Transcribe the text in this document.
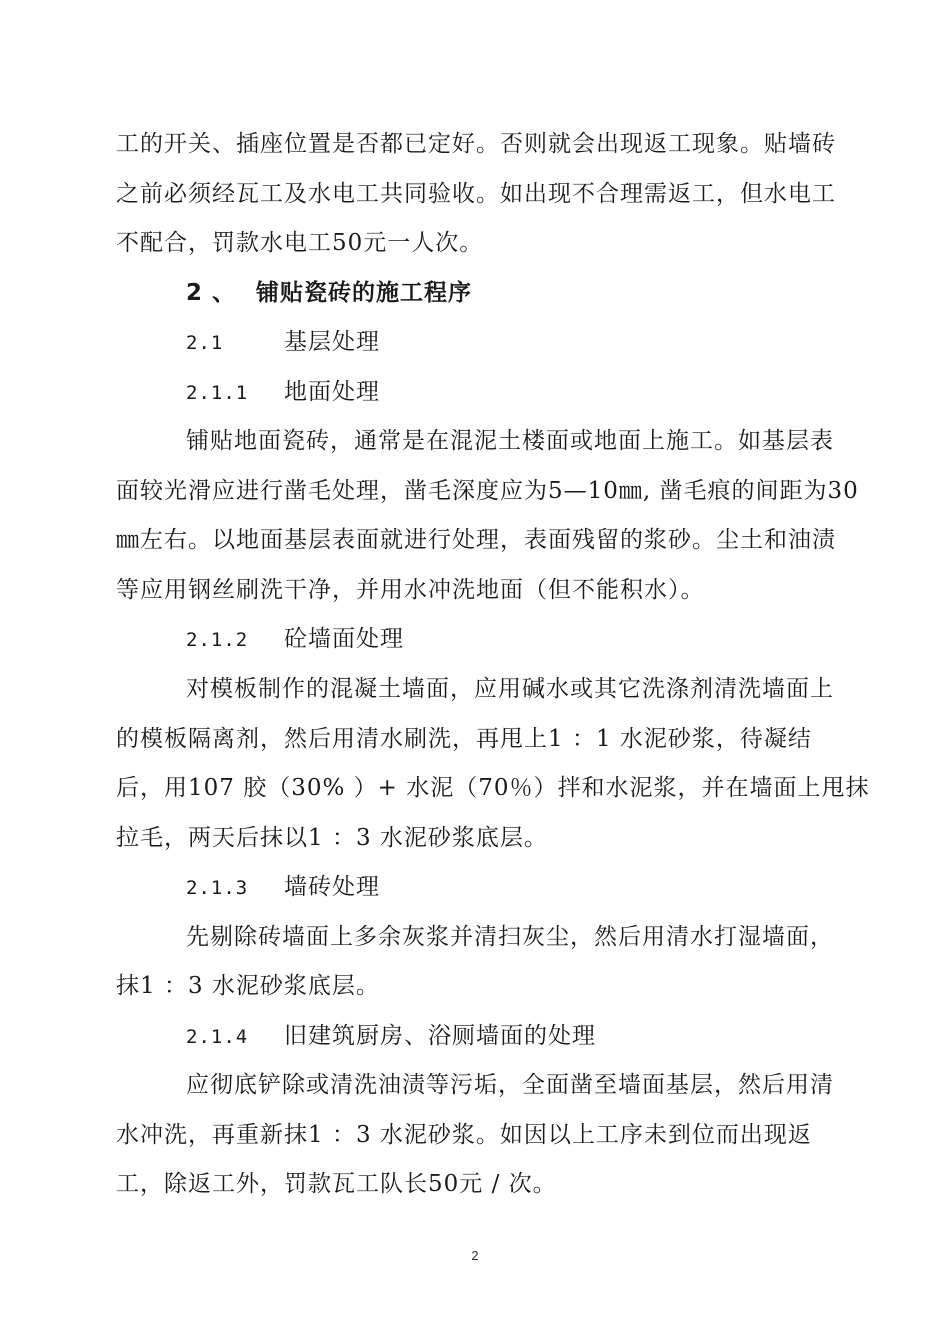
工的开关、插座位置是否都已定好。否则就会出现返工现象。贴墙砖
之前必须经瓦工及水电工共同验收。如出现不合理需返工，但水电工
不配合，罚款水电工50元一人次。
2 、 铺贴瓷砖的施工程序
2.1	基层处理
2.1.1 地面处理
铺贴地面瓷砖，通常是在混泥土楼面或地面上施工。如基层表
面较光滑应进行凿毛处理，凿毛深度应为5—10㎜, 凿毛痕的间距为30
㎜左右。以地面基层表面就进行处理，表面残留的浆砂。尘土和油渍
等应用钢丝刷洗干净，并用水冲洗地面（但不能积水）。
2.1.2 砼墙面处理
对模板制作的混凝土墙面，应用碱水或其它洗涤剂清洗墙面上
的模板隔离剂，然后用清水刷洗，再甩上1 ：1 水泥砂浆，待凝结
后，用107 胶（30% ）+ 水泥（70％）拌和水泥浆，并在墙面上甩抹
拉毛，两天后抹以1 ：3 水泥砂浆底层。
2.1.3 墙砖处理
先剔除砖墙面上多余灰浆并清扫灰尘，然后用清水打湿墙面，
抹1 ：3 水泥砂浆底层。
2.1.4 旧建筑厨房、浴厕墙面的处理
应彻底铲除或清洗油渍等污垢，全面凿至墙面基层，然后用清
水冲洗，再重新抹1 ：3 水泥砂浆。如因以上工序未到位而出现返
工，除返工外，罚款瓦工队长50元 / 次。
2
